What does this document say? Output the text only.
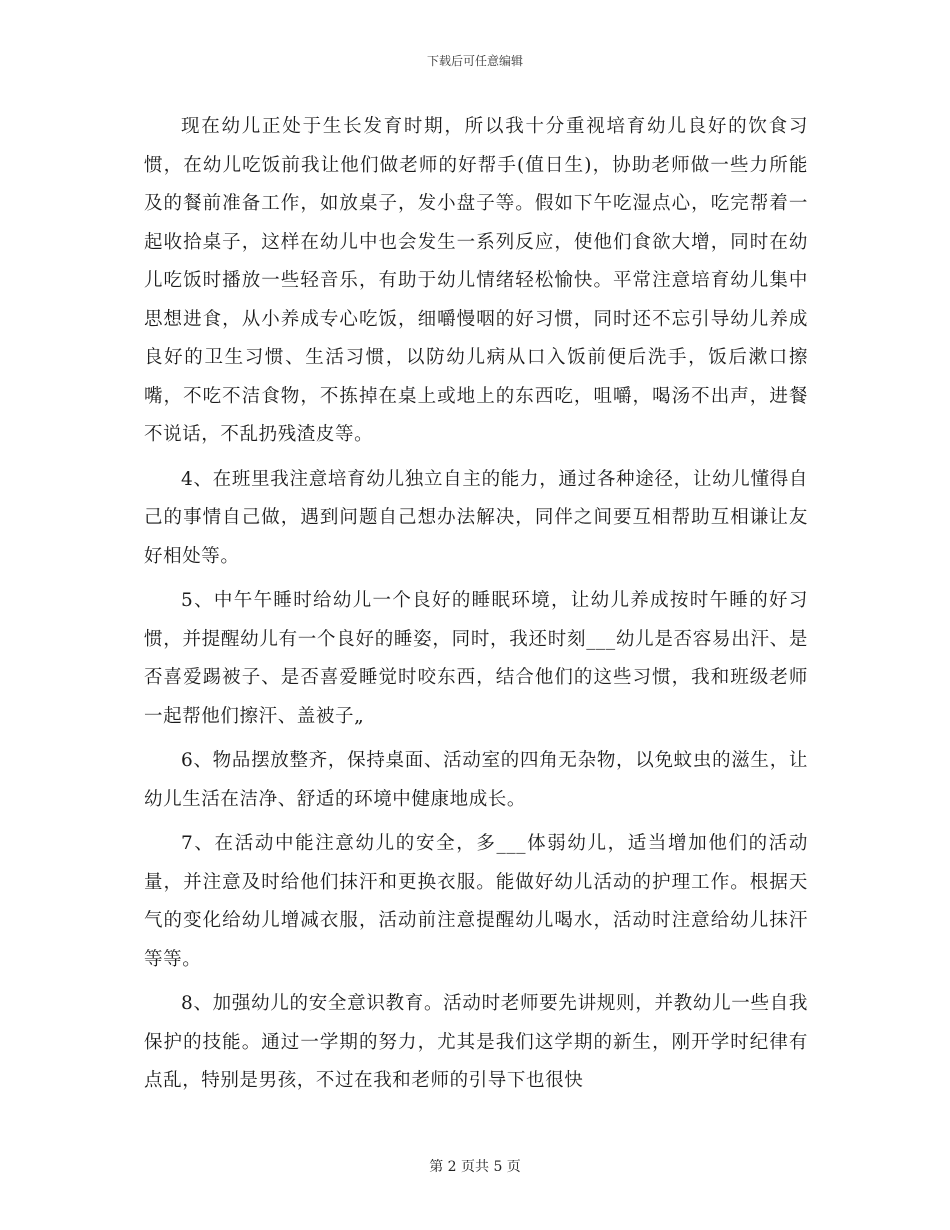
下载后可任意编辑

现在幼儿正处于生长发育时期，所以我十分重视培育幼儿良好的饮食习惯，在幼儿吃饭前我让他们做老师的好帮手(值日生)，协助老师做一些力所能及的餐前准备工作，如放桌子，发小盘子等。假如下午吃湿点心，吃完帮着一起收拾桌子，这样在幼儿中也会发生一系列反应，使他们食欲大增，同时在幼儿吃饭时播放一些轻音乐，有助于幼儿情绪轻松愉快。平常注意培育幼儿集中思想进食，从小养成专心吃饭，细嚼慢咽的好习惯，同时还不忘引导幼儿养成良好的卫生习惯、生活习惯，以防幼儿病从口入饭前便后洗手，饭后漱口擦嘴，不吃不洁食物，不拣掉在桌上或地上的东西吃，咀嚼，喝汤不出声，进餐不说话，不乱扔残渣皮等。

4、在班里我注意培育幼儿独立自主的能力，通过各种途径，让幼儿懂得自己的事情自己做，遇到问题自己想办法解决，同伴之间要互相帮助互相谦让友好相处等。

5、中午午睡时给幼儿一个良好的睡眠环境，让幼儿养成按时午睡的好习惯，并提醒幼儿有一个良好的睡姿，同时，我还时刻___幼儿是否容易出汗、是否喜爱踢被子、是否喜爱睡觉时咬东西，结合他们的这些习惯，我和班级老师一起帮他们擦汗、盖被子„

6、物品摆放整齐，保持桌面、活动室的四角无杂物，以免蚊虫的滋生，让幼儿生活在洁净、舒适的环境中健康地成长。

7、在活动中能注意幼儿的安全，多___体弱幼儿，适当增加他们的活动量，并注意及时给他们抹汗和更换衣服。能做好幼儿活动的护理工作。根据天气的变化给幼儿增减衣服，活动前注意提醒幼儿喝水，活动时注意给幼儿抹汗等等。

8、加强幼儿的安全意识教育。活动时老师要先讲规则，并教幼儿一些自我保护的技能。通过一学期的努力，尤其是我们这学期的新生，刚开学时纪律有点乱，特别是男孩，不过在我和老师的引导下也很快

第 2 页共 5 页
